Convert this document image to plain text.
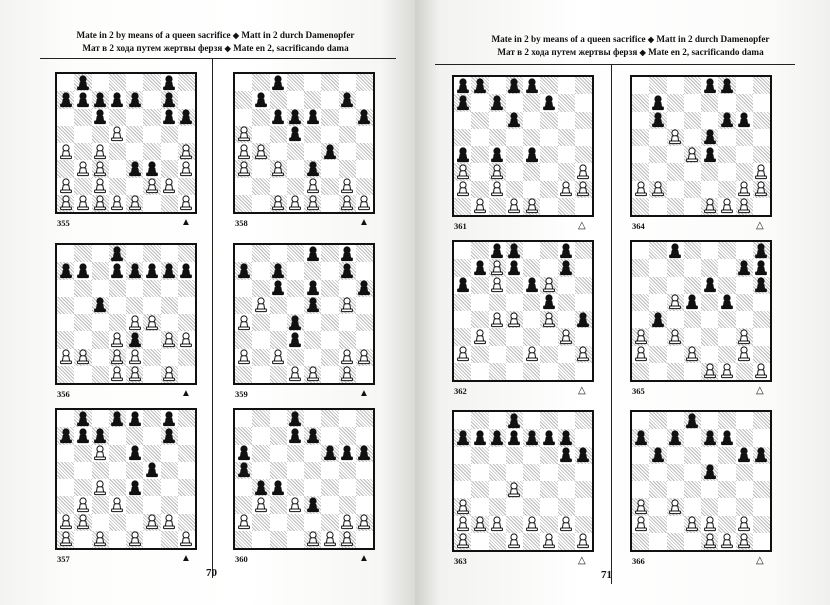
Mate in 2 by means of a queen sacrifice ◆ Matt in 2 durch Damenopfer
Мат в 2 хода путем жертвы ферзя ◆ Mate en 2, sacrificando dama
70
Mate in 2 by means of a queen sacrifice ◆ Matt in 2 durch Damenopfer
Мат в 2 хода путем жертвы ферзя ◆ Mate en 2, sacrificando dama
71
355	▲	358	▲
356	▲	359	▲
357	▲	360	▲
361	△	364	△
362	△	365	△
363	△	366	△
